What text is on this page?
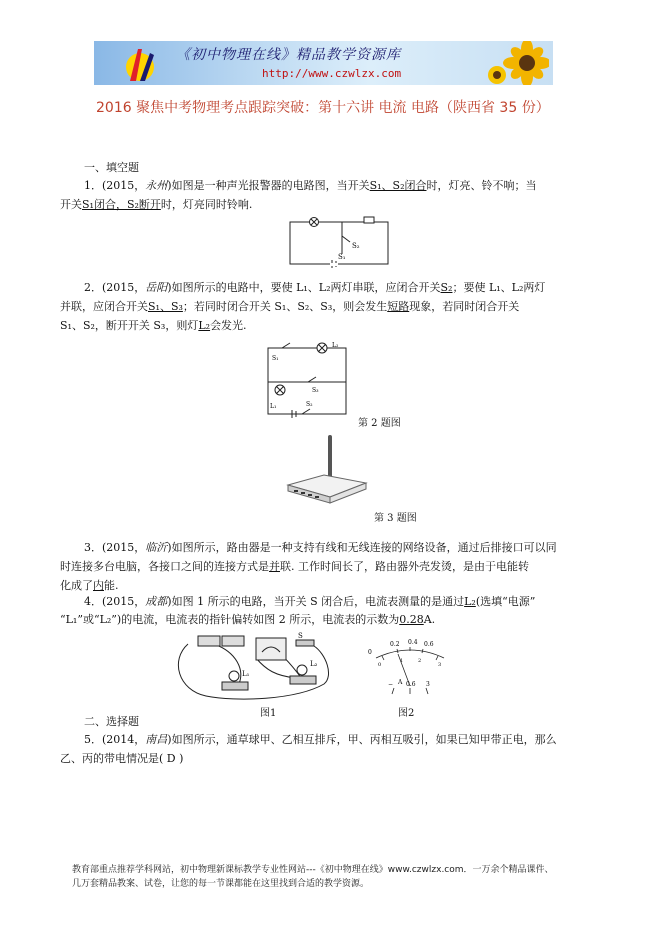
《初中物理在线》精品教学资源库
http://www.czwlzx.com
2016 聚焦中考物理考点跟踪突破：第十六讲 电流 电路（陕西省 35 份）
一、填空题
1．(2015，永州)如图是一种声光报警器的电路图，当开关S₁、S₂闭合时，灯亮、铃不响；当
开关S₁闭合，S₂断开时，灯亮同时铃响.
S₂
S₁
2．(2015，岳阳)如图所示的电路中，要使 L₁、L₂两灯串联，应闭合开关S₂；要使 L₁、L₂两灯
并联，应闭合开关S₁、S₃；若同时闭合开关 S₁、S₂、S₃，则会发生短路现象，若同时闭合开关
S₁、S₂，断开开关 S₃，则灯L₂会发光.
L₂
S₁
L₁
S₃
S₂
第 2 题图
第 3 题图
3．(2015，临沂)如图所示，路由器是一种支持有线和无线连接的网络设备，通过后排接口可以同
时连接多台电脑，各接口之间的连接方式是并联. 工作时间长了，路由器外壳发烫，是由于电能转
化成了内能.
4．(2015，成都)如图 1 所示的电路，当开关 S 闭合后，电流表测量的是通过L₂(选填“电源”
“L₁”或“L₂”)的电流，电流表的指针偏转如图 2 所示，电流表的示数为0.28A.
L₁
L₂
S
图1
0
0.2 0.4 0.6
0
1	2
3
A
− 0.6 3
图2
二、选择题
5．(2014，南昌)如图所示，通草球甲、乙相互排斥，甲、丙相互吸引，如果已知甲带正电，那么
乙、丙的带电情况是( D )
教育部重点推荐学科网站，初中物理新课标教学专业性网站---《初中物理在线》www.czwlzx.com．一万余个精品课件、
几万套精品教案、试卷，让您的每一节课都能在这里找到合适的教学资源。
